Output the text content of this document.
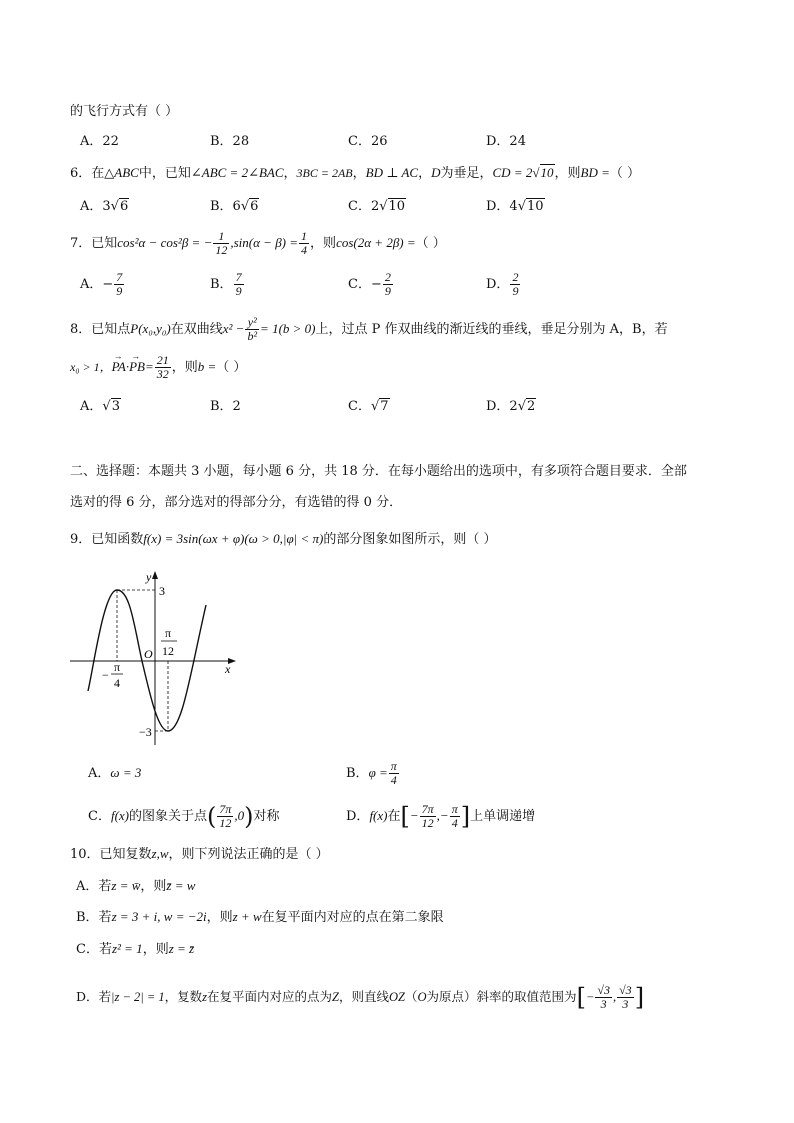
的飞行方式有（ ）
A．22	B．28	C．26	D．24
6．在△ABC中，已知∠ABC = 2∠BAC，3BC = 2AB，BD ⊥ AC，D为垂足，CD = 2√10，则BD =（ ）
A．3√6	B．6√6	C．2√10	D．4√10
7．已知cos²α − cos²β = − $\frac{1}{12} ,\sin(\alpha - \beta) = \frac{1}{4}$ ，则cos(2α + 2β) =（ ）
A．− $\frac{7}{9}$	B． $\frac{7}{9}$	C．− $\frac{2}{9}$	D． $\frac{2}{9}$
8．已知点P(x₀,y₀)在双曲线$x^2 - \frac{\text{y²}}{\text{b²}} = 1(b > 0)$上，过点 P 作双曲线的渐近线的垂线，垂足分别为 A，B，若
x₀ > 1，→ $PA\cdot\to PB= \frac{21}{32}$ ，则b =（ ）
A．√3	B．2	C．√7	D．2√2
二、选择题：本题共 3 小题，每小题 6 分，共 18 分．在每小题给出的选项中，有多项符合题目要求．全部
选对的得 6 分，部分选对的得部分分，有选错的得 0 分．
9．已知函数f(x) = 3sin(ωx + φ)(ω > 0,|φ| < π)的部分图象如图所示，则（ ）
y
x
O
3
−3
−
π
4
π
12
A．ω = 3	B．$\varphi = \frac{\pi}{4}$
C．f(x)的图象关于点( $\frac{7\pi}{12} ,0$)对称	D．f(x)在[− $\frac{7\pi}{12}$ ,− $\frac{\pi}{4}$ ]上单调递增
10．已知复数z,w，则下列说法正确的是（ ）
A．若z = w̄，则z̄ = w
B．若z = 3 + i, w = −2i，则z + w在复平面内对应的点在第二象限
C．若z² = 1，则z = z̄
D．若|z − 2| = 1，复数z在复平面内对应的点为Z，则直线OZ（O为原点）斜率的取值范围为[− $\frac{√3}{3}$ , $\frac{√3}{3}$ ]
